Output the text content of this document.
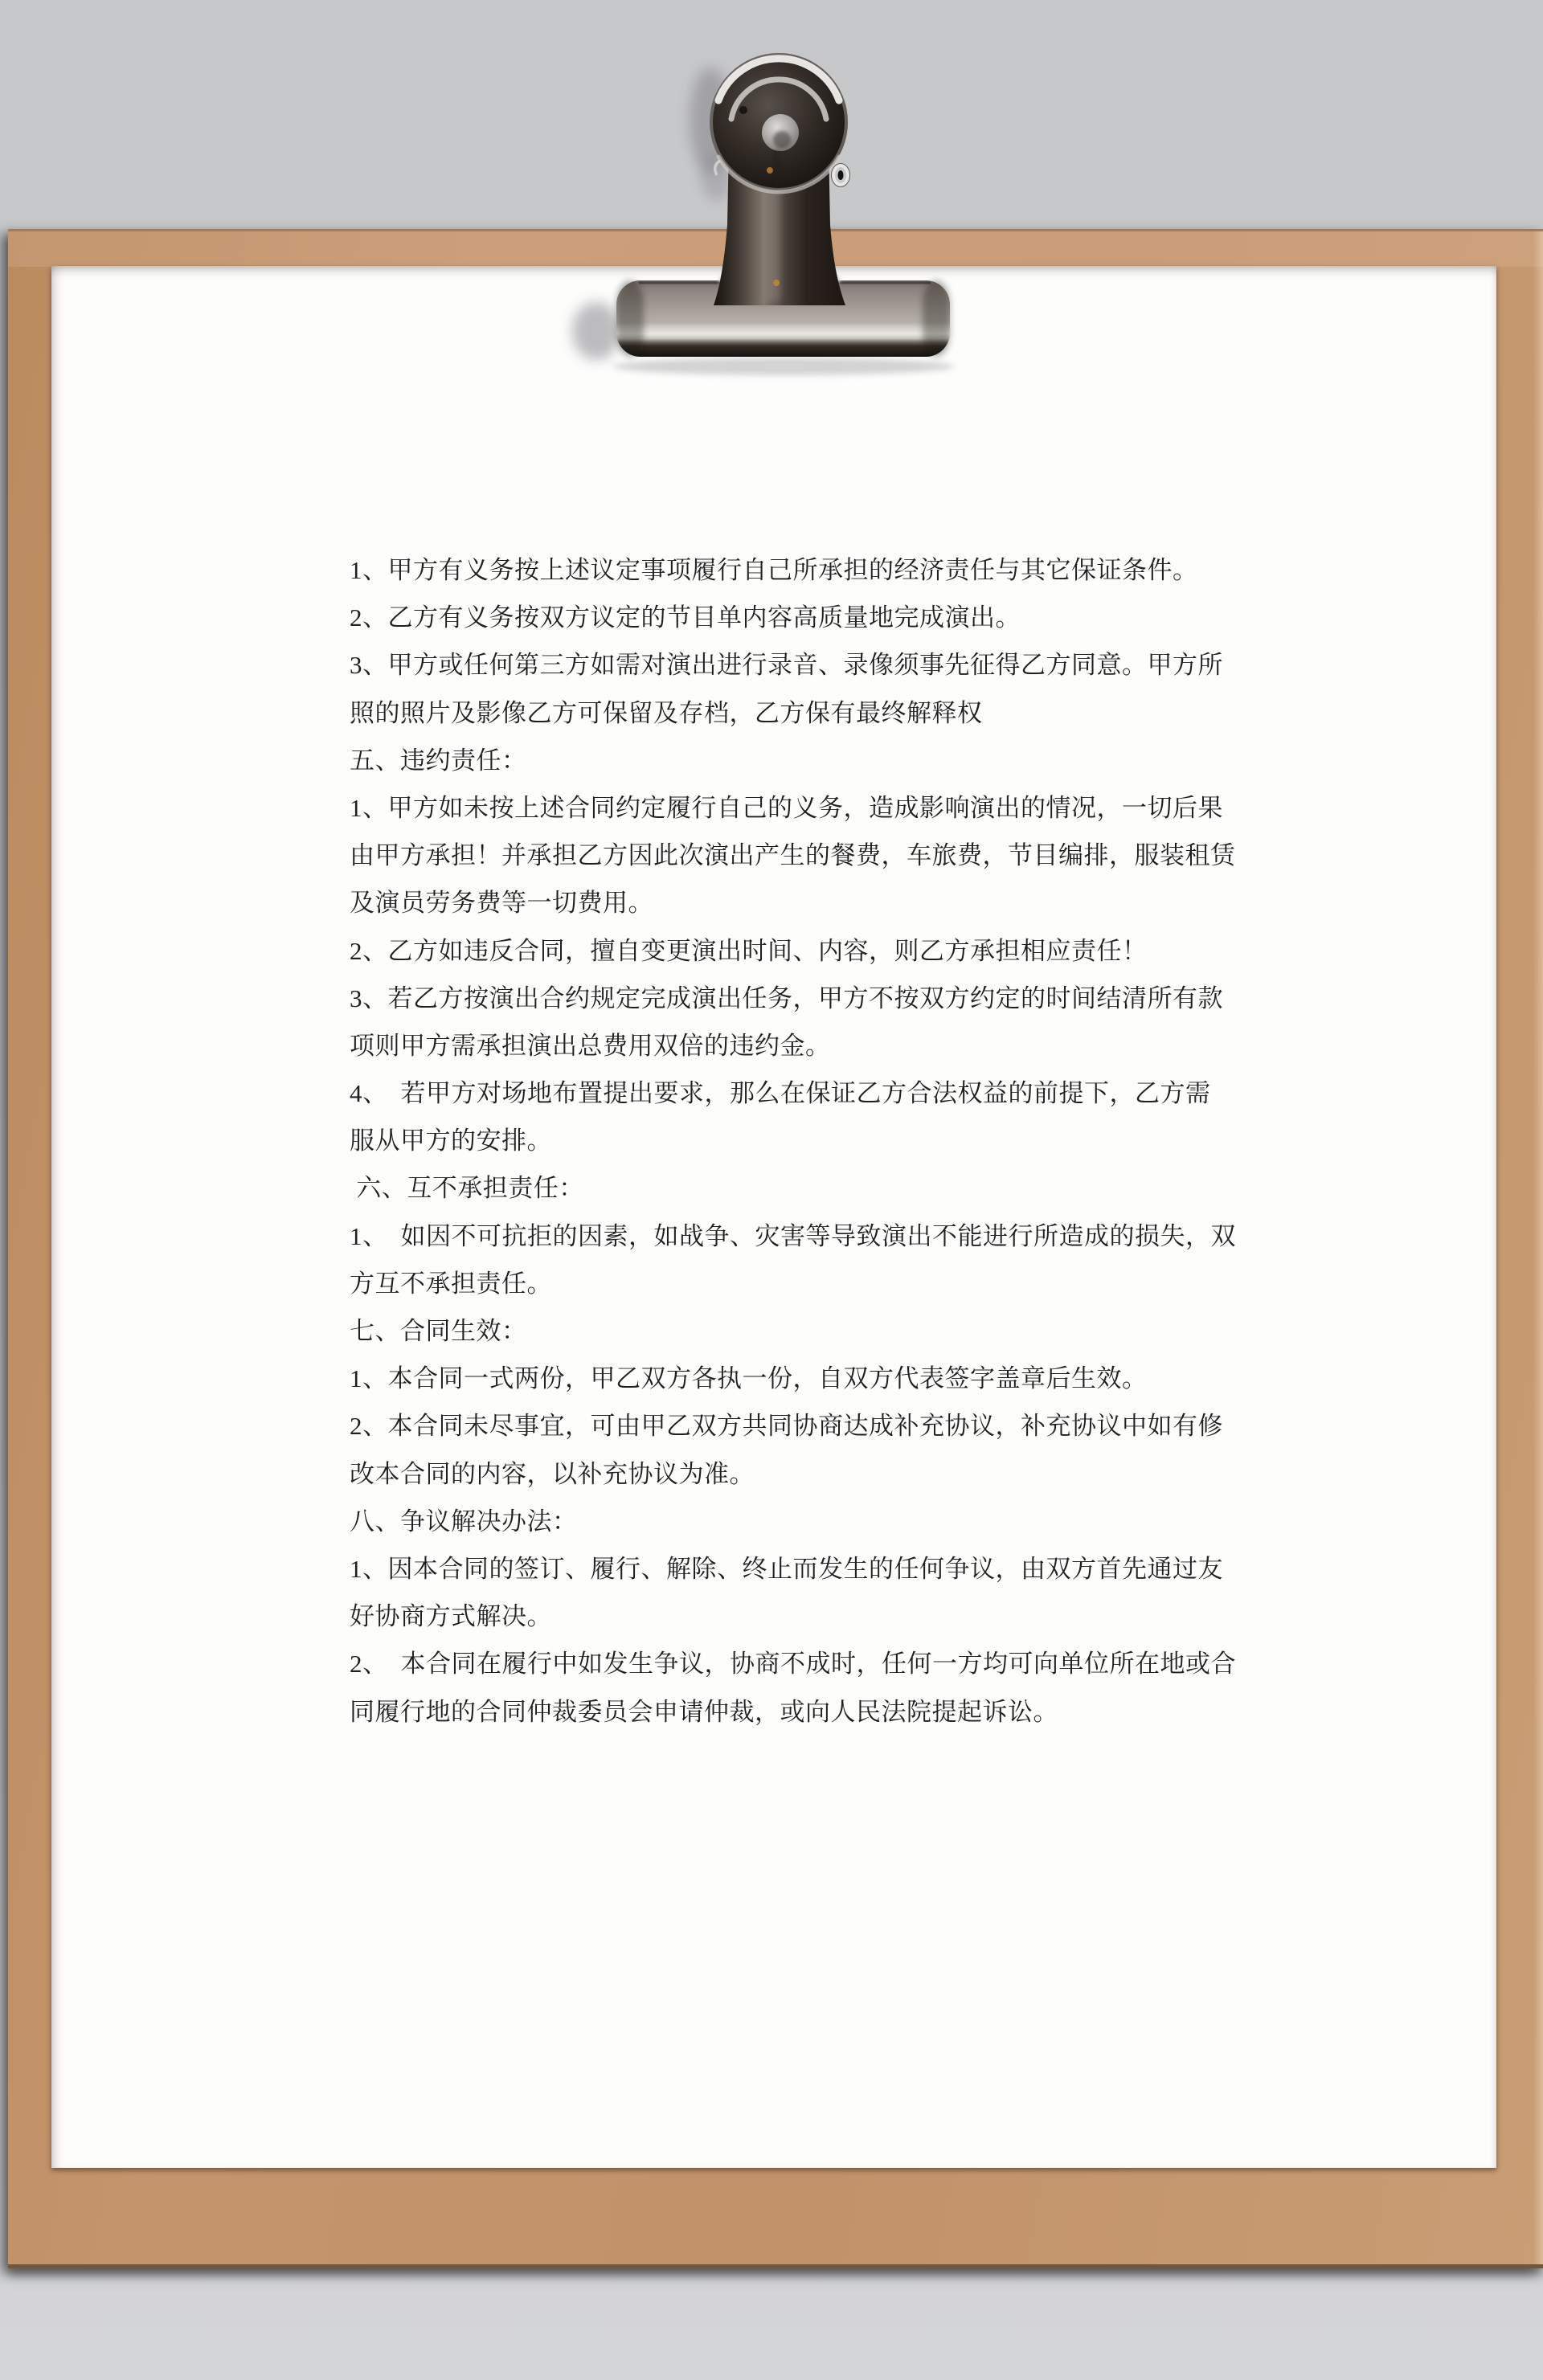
1、甲方有义务按上述议定事项履行自己所承担的经济责任与其它保证条件。
2、乙方有义务按双方议定的节目单内容高质量地完成演出。
3、甲方或任何第三方如需对演出进行录音、录像须事先征得乙方同意。甲方所
照的照片及影像乙方可保留及存档，乙方保有最终解释权
五、违约责任：
1、甲方如未按上述合同约定履行自己的义务，造成影响演出的情况，一切后果
由甲方承担！并承担乙方因此次演出产生的餐费，车旅费，节目编排，服装租赁
及演员劳务费等一切费用。
2、乙方如违反合同，擅自变更演出时间、内容，则乙方承担相应责任！
3、若乙方按演出合约规定完成演出任务，甲方不按双方约定的时间结清所有款
项则甲方需承担演出总费用双倍的违约金。
4、　若甲方对场地布置提出要求，那么在保证乙方合法权益的前提下，乙方需
服从甲方的安排。
六、互不承担责任：
1、　如因不可抗拒的因素，如战争、灾害等导致演出不能进行所造成的损失，双
方互不承担责任。
七、合同生效：
1、本合同一式两份，甲乙双方各执一份，自双方代表签字盖章后生效。
2、本合同未尽事宜，可由甲乙双方共同协商达成补充协议，补充协议中如有修
改本合同的内容，以补充协议为准。
八、争议解决办法：
1、因本合同的签订、履行、解除、终止而发生的任何争议，由双方首先通过友
好协商方式解决。
2、　本合同在履行中如发生争议，协商不成时，任何一方均可向单位所在地或合
同履行地的合同仲裁委员会申请仲裁，或向人民法院提起诉讼。
